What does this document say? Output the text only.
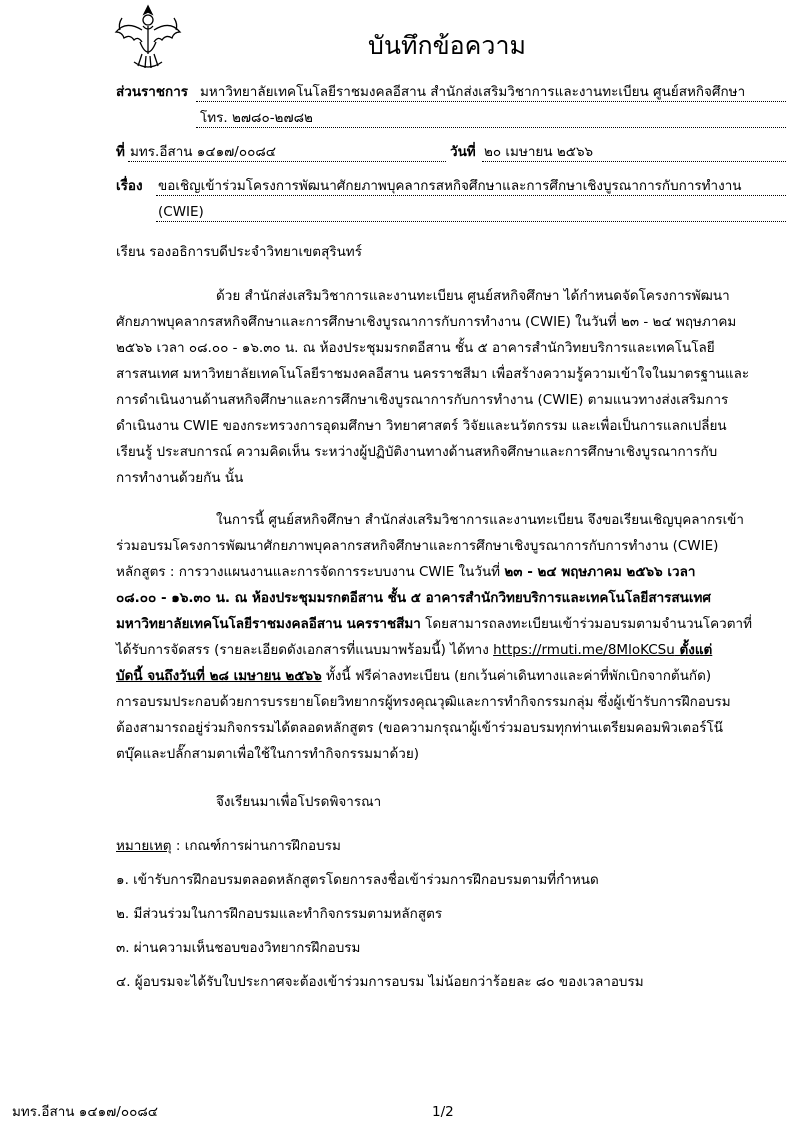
บันทึกข้อความ
ส่วนราชการ มหาวิทยาลัยเทคโนโลยีราชมงคลอีสาน สำนักส่งเสริมวิชาการและงานทะเบียน ศูนย์สหกิจศึกษา
โทร. ๒๗๘๐-๒๗๘๒
ที่ มทร.อีสาน ๑๔๑๗/๐๐๘๔	วันที่ ๒๐ เมษายน ๒๕๖๖
เรื่อง ขอเชิญเข้าร่วมโครงการพัฒนาศักยภาพบุคลากรสหกิจศึกษาและการศึกษาเชิงบูรณาการกับการทำงาน
(CWIE)
เรียน รองอธิการบดีประจำวิทยาเขตสุรินทร์
ด้วย สำนักส่งเสริมวิชาการและงานทะเบียน ศูนย์สหกิจศึกษา ได้กำหนดจัดโครงการพัฒนา
ศักยภาพบุคลากรสหกิจศึกษาและการศึกษาเชิงบูรณาการกับการทำงาน (CWIE) ในวันที่ ๒๓ - ๒๔ พฤษภาคม
๒๕๖๖ เวลา ๐๘.๐๐ - ๑๖.๓๐ น. ณ ห้องประชุมมรกตอีสาน ชั้น ๕ อาคารสำนักวิทยบริการและเทคโนโลยี
สารสนเทศ มหาวิทยาลัยเทคโนโลยีราชมงคลอีสาน นครราชสีมา เพื่อสร้างความรู้ความเข้าใจในมาตรฐานและ
การดำเนินงานด้านสหกิจศึกษาและการศึกษาเชิงบูรณาการกับการทำงาน (CWIE) ตามแนวทางส่งเสริมการ
ดำเนินงาน CWIE ของกระทรวงการอุดมศึกษา วิทยาศาสตร์ วิจัยและนวัตกรรม และเพื่อเป็นการแลกเปลี่ยน
เรียนรู้ ประสบการณ์ ความคิดเห็น ระหว่างผู้ปฏิบัติงานทางด้านสหกิจศึกษาและการศึกษาเชิงบูรณาการกับ
การทำงานด้วยกัน นั้น
ในการนี้ ศูนย์สหกิจศึกษา สำนักส่งเสริมวิชาการและงานทะเบียน จึงขอเรียนเชิญบุคลากรเข้า
ร่วมอบรมโครงการพัฒนาศักยภาพบุคลากรสหกิจศึกษาและการศึกษาเชิงบูรณาการกับการทำงาน (CWIE)
หลักสูตร : การวางแผนงานและการจัดการระบบงาน CWIE ในวันที่ ๒๓ - ๒๔ พฤษภาคม ๒๕๖๖ เวลา
๐๘.๐๐ - ๑๖.๓๐ น. ณ ห้องประชุมมรกตอีสาน ชั้น ๕ อาคารสำนักวิทยบริการและเทคโนโลยีสารสนเทศ
มหาวิทยาลัยเทคโนโลยีราชมงคลอีสาน นครราชสีมา โดยสามารถลงทะเบียนเข้าร่วมอบรมตามจำนวนโควตาที่
ได้รับการจัดสรร (รายละเอียดดังเอกสารที่แนบมาพร้อมนี้) ได้ทาง https://rmuti.me/8MloKCSu ตั้งแต่
บัดนี้ จนถึงวันที่ ๒๘ เมษายน ๒๕๖๖ ทั้งนี้ ฟรีค่าลงทะเบียน (ยกเว้นค่าเดินทางและค่าที่พักเบิกจากต้นกัด)
การอบรมประกอบด้วยการบรรยายโดยวิทยากรผู้ทรงคุณวุฒิและการทำกิจกรรมกลุ่ม ซึ่งผู้เข้ารับการฝึกอบรม
ต้องสามารถอยู่ร่วมกิจกรรมได้ตลอดหลักสูตร (ขอความกรุณาผู้เข้าร่วมอบรมทุกท่านเตรียมคอมพิวเตอร์โน๊
ตบุ๊คและปลั๊กสามตาเพื่อใช้ในการทำกิจกรรมมาด้วย)
จึงเรียนมาเพื่อโปรดพิจารณา
หมายเหตุ : เกณฑ์การผ่านการฝึกอบรม
๑. เข้ารับการฝึกอบรมตลอดหลักสูตรโดยการลงชื่อเข้าร่วมการฝึกอบรมตามที่กำหนด
๒. มีส่วนร่วมในการฝึกอบรมและทำกิจกรรมตามหลักสูตร
๓. ผ่านความเห็นชอบของวิทยากรฝึกอบรม
๔. ผู้อบรมจะได้รับใบประกาศจะต้องเข้าร่วมการอบรม ไม่น้อยกว่าร้อยละ ๘๐ ของเวลาอบรม
มทร.อีสาน ๑๔๑๗/๐๐๘๔	1/2
